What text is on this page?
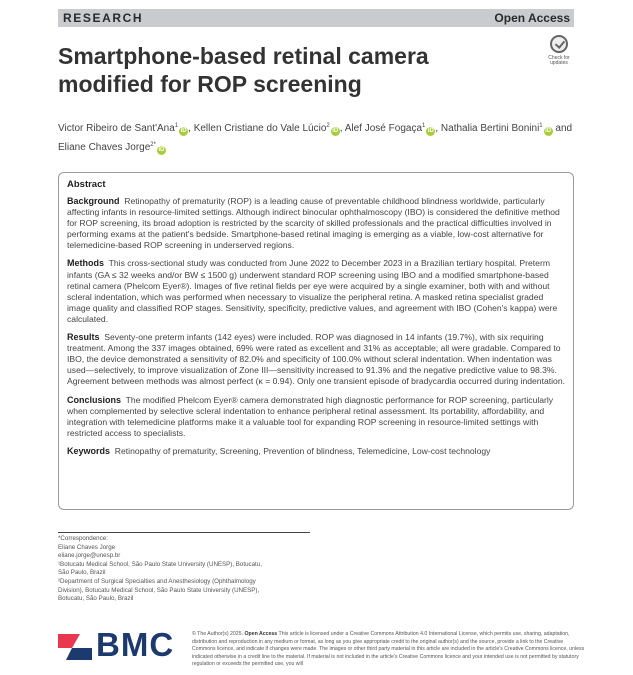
RESEARCH	Open Access
Smartphone-based retinal camera modified for ROP screening
Check for
updates
Victor Ribeiro de Sant'Ana$^1$iD , Kellen Cristiane do Vale Lúcio$^2$iD , Alef José Fogaça$^1$iD , Nathalia Bertini Bonini$^1$iD and
Eliane Chaves Jorge$^{2*}$iD
Abstract

Background Retinopathy of prematurity (ROP) is a leading cause of preventable childhood blindness worldwide, particularly affecting infants in resource-limited settings. Although indirect binocular ophthalmoscopy (IBO) is considered the definitive method for ROP screening, its broad adoption is restricted by the scarcity of skilled professionals and the practical difficulties involved in performing exams at the patient's bedside. Smartphone-based retinal imaging is emerging as a viable, low-cost alternative for telemedicine-based ROP screening in underserved regions.

Methods This cross-sectional study was conducted from June 2022 to December 2023 in a Brazilian tertiary hospital. Preterm infants (GA ≤ 32 weeks and/or BW ≤ 1500 g) underwent standard ROP screening using IBO and a modified smartphone-based retinal camera (Phelcom Eyer®). Images of five retinal fields per eye were acquired by a single examiner, both with and without scleral indentation, which was performed when necessary to visualize the peripheral retina. A masked retina specialist graded image quality and classified ROP stages. Sensitivity, specificity, predictive values, and agreement with IBO (Cohen's kappa) were calculated.

Results Seventy-one preterm infants (142 eyes) were included. ROP was diagnosed in 14 infants (19.7%), with six requiring treatment. Among the 337 images obtained, 69% were rated as excellent and 31% as acceptable; all were gradable. Compared to IBO, the device demonstrated a sensitivity of 82.0% and specificity of 100.0% without scleral indentation. When indentation was used—selectively, to improve visualization of Zone III—sensitivity increased to 91.3% and the negative predictive value to 98.3%. Agreement between methods was almost perfect (κ = 0.94). Only one transient episode of bradycardia occurred during indentation.

Conclusions The modified Phelcom Eyer® camera demonstrated high diagnostic performance for ROP screening, particularly when complemented by selective scleral indentation to enhance peripheral retinal assessment. Its portability, affordability, and integration with telemedicine platforms make it a valuable tool for expanding ROP screening in resource-limited settings with restricted access to specialists.

Keywords Retinopathy of prematurity, Screening, Prevention of blindness, Telemedicine, Low-cost technology

*Correspondence:
Eliane Chaves Jorge
eliane.jorge@unesp.br
¹Botucatu Medical School, São Paulo State University (UNESP), Botucatu,
São Paulo, Brazil
²Department of Surgical Specialties and Anesthesiology (Ophthalmology
Division), Botucatu Medical School, São Paulo State University (UNESP),
Botucatu, São Paulo, Brazil
BMC	© The Author(s) 2025. Open Access This article is licensed under a Creative Commons Attribution 4.0 International License, which permits use, sharing, adaptation, distribution and reproduction in any medium or format, as long as you give appropriate credit to the original author(s) and the source, provide a link to the Creative Commons licence, and indicate if changes were made. The images or other third party material in this article are included in the article's Creative Commons licence, unless indicated otherwise in a credit line to the material. If material is not included in the article's Creative Commons licence and your intended use is not permitted by statutory regulation or exceeds the permitted use, you will
